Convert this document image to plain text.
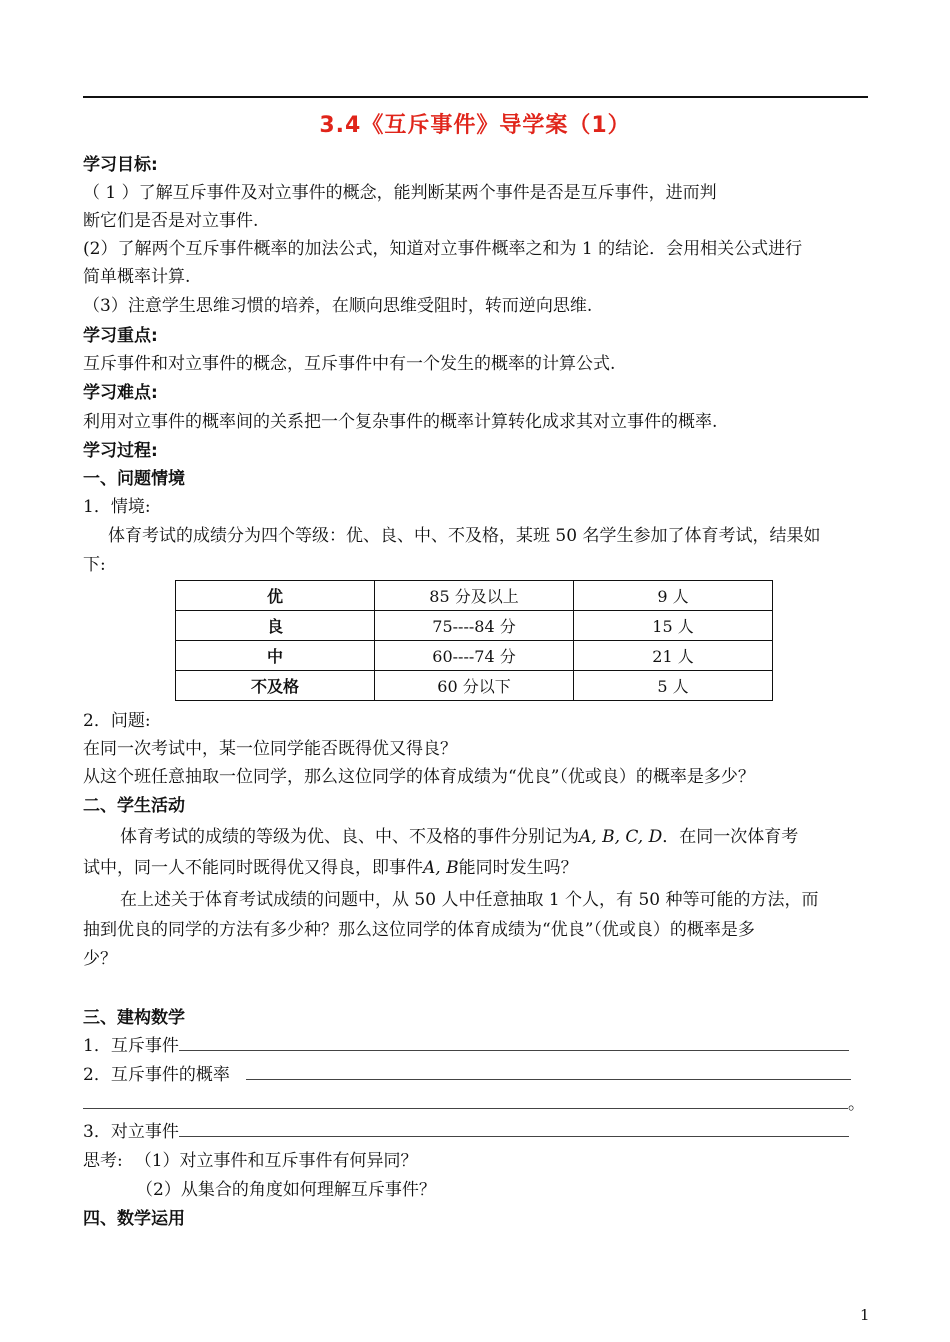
3.4《互斥事件》导学案（1）
学习目标:
（ 1 ）了解互斥事件及对立事件的概念，能判断某两个事件是否是互斥事件，进而判
断它们是否是对立事件.
(2）了解两个互斥事件概率的加法公式，知道对立事件概率之和为 1 的结论．会用相关公式进行
简单概率计算.
（3）注意学生思维习惯的培养，在顺向思维受阻时，转而逆向思维.
学习重点:
互斥事件和对立事件的概念，互斥事件中有一个发生的概率的计算公式.
学习难点:
利用对立事件的概率间的关系把一个复杂事件的概率计算转化成求其对立事件的概率.
学习过程:
一、问题情境
1．情境:
体育考试的成绩分为四个等级：优、良、中、不及格，某班 50 名学生参加了体育考试，结果如
下:
优	85 分及以上	9 人
良	75----84 分	15 人
中	60----74 分	21 人
不及格	60 分以下	5 人
2．问题:
在同一次考试中，某一位同学能否既得优又得良？
从这个班任意抽取一位同学，那么这位同学的体育成绩为“优良”（优或良）的概率是多少？
二、学生活动
体育考试的成绩的等级为优、良、中、不及格的事件分别记为A, B, C, D．在同一次体育考
试中，同一人不能同时既得优又得良，即事件A, B能同时发生吗？
在上述关于体育考试成绩的问题中，从 50 人中任意抽取 1 个人，有 50 种等可能的方法，而
抽到优良的同学的方法有多少种？那么这位同学的体育成绩为“优良”（优或良）的概率是多
少？
三、建构数学
1．互斥事件
2．互斥事件的概率
。
3．对立事件
思考: （1）对立事件和互斥事件有何异同？
（2）从集合的角度如何理解互斥事件？
四、数学运用
1
